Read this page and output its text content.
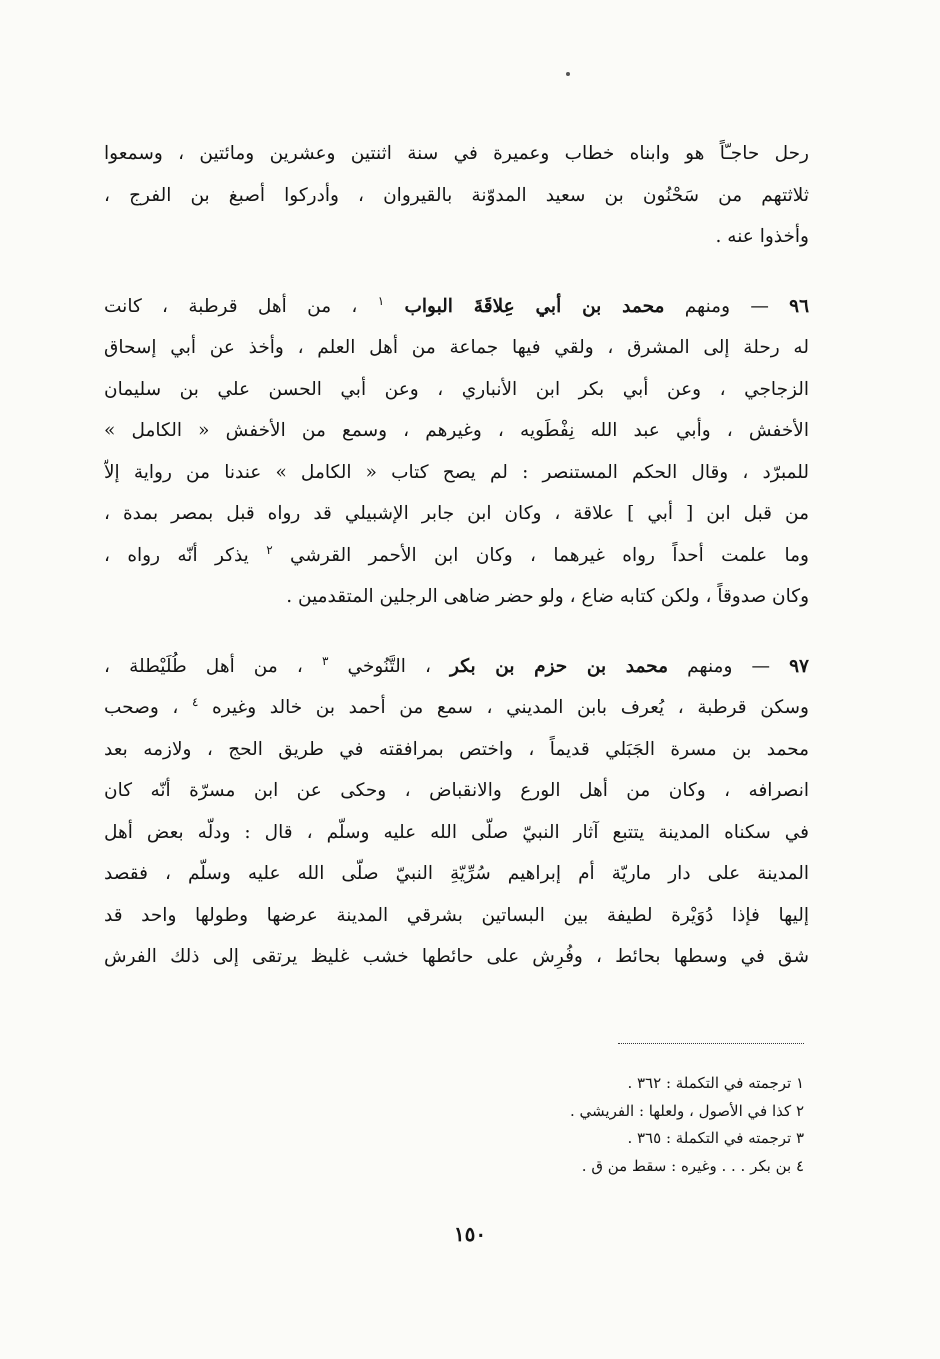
رحل حاجـّاً هو وابناه خطاب وعميرة في سنة اثنتين وعشرين ومائتين ، وسمعوا
ثلاثتهم من سَحْنُون بن سعيد المدوّنة بالقيروان ، وأدركوا أصبغ بن الفرج ،
وأخذوا عنه .
٩٦ — ومنهم محمد بن أبي عِلاقَةَ البواب $^١$ ، من أهل قرطبة ، كانت
له رحلة إلى المشرق ، ولقي فيها جماعة من أهل العلم ، وأخذ عن أبي إسحاق
الزجاجي ، وعن أبي بكر ابن الأنباري ، وعن أبي الحسن علي بن سليمان
الأخفش ، وأبي عبد الله نِفْطَويه ، وغيرهم ، وسمع من الأخفش « الكامل »
للمبرّد ، وقال الحكم المستنصر : لم يصح كتاب « الكامل » عندنا من رواية إلاّ
من قبل ابن [ أبي ] علاقة ، وكان ابن جابر الإشبيلي قد رواه قبل بمصر بمدة ،
وما علمت أحداً رواه غيرهما ، وكان ابن الأحمر القرشي $^٢$ يذكر أنّه رواه ،
وكان صدوقاً ، ولكن كتابه ضاع ، ولو حضر ضاهى الرجلين المتقدمين .
٩٧ — ومنهم محمد بن حزم بن بكر ، التَّنُوخي $^٣$ ، من أهل طُلَيْطلة ،
وسكن قرطبة ، يُعرف بابن المديني ، سمع من أحمد بن خالد وغيره $^٤$ ، وصحب
محمد بن مسرة الجَبَلي قديماً ، واختص بمرافقته في طريق الحج ، ولازمه بعد
انصرافه ، وكان من أهل الورع والانقباض ، وحكى عن ابن مسرّة أنّه كان
في سكناه المدينة يتتبع آثار النبيّ صلّى الله عليه وسلّم ، قال : ودلّه بعض أهل
المدينة على دار ماريّة أم إبراهيم سُرِّيّةِ النبيّ صلّى الله عليه وسلّم ، فقصد
إليها فإذا دُوَيْرة لطيفة بين البساتين بشرقي المدينة عرضها وطولها واحد قد
شق في وسطها بحائط ، وفُرِش على حائطها خشب غليظ يرتقى إلى ذلك الفرش
١ ترجمته في التكملة : ٣٦٢ .
٢ كذا في الأصول ، ولعلها : الفريشي .
٣ ترجمته في التكملة : ٣٦٥ .
٤ بن بكر . . . وغيره : سقط من ق .
١٥٠
